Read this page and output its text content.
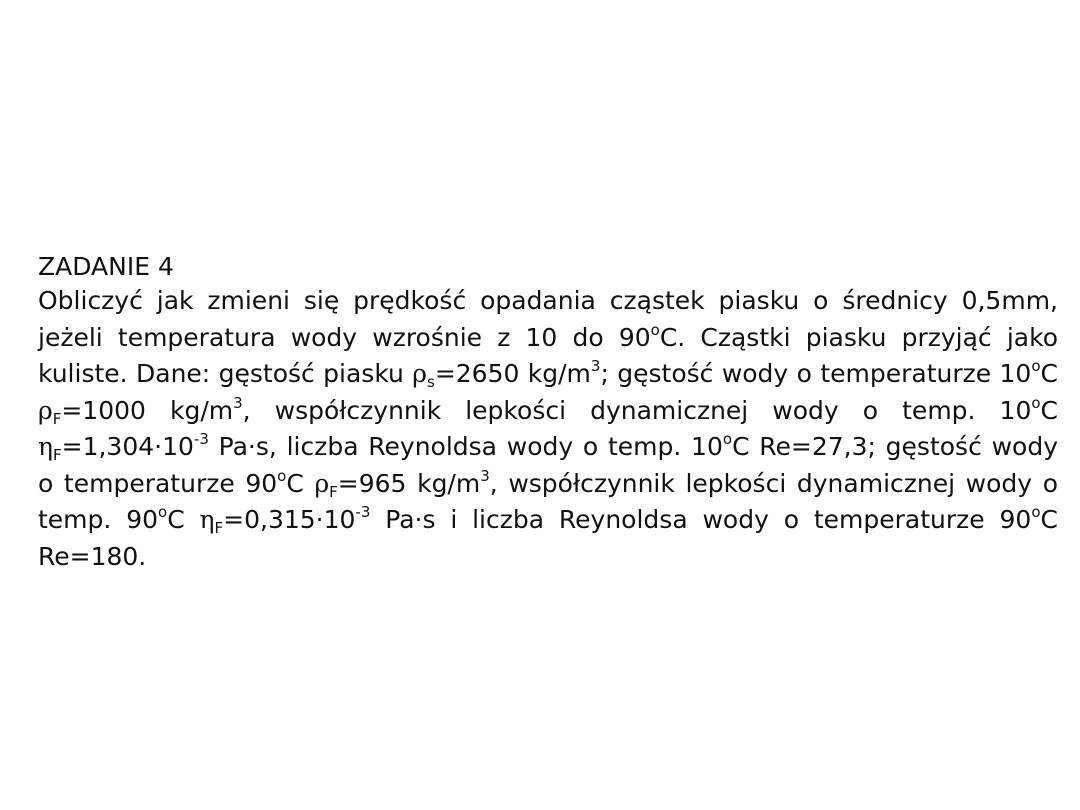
ZADANIE 4

Obliczyć jak zmieni się prędkość opadania cząstek piasku o średnicy 0,5mm, jeżeli temperatura wody wzrośnie z 10 do 90$^o$C. Cząstki piasku przyjąć jako kuliste. Dane: gęstość piasku $\rho_s=2650$ $kg/m^3$; gęstość wody o temperaturze 10$^o$C $\rho_F=1000$ $kg/m^3$, współczynnik lepkości dynamicznej wody o temp. 10$^o$C $\eta_F=1,304\cdot 10^{-3}$ Pa·s, liczba Reynoldsa wody o temp. 10$^o$C Re=27,3; gęstość wody o temperaturze 90$^o$C $\rho_F=965$ $kg/m^3$, współczynnik lepkości dynamicznej wody o temp. 90$^o$C $\eta_F=0,315\cdot 10^{-3}$ Pa·s i liczba Reynoldsa wody o temperaturze 90$^o$C Re=180.
